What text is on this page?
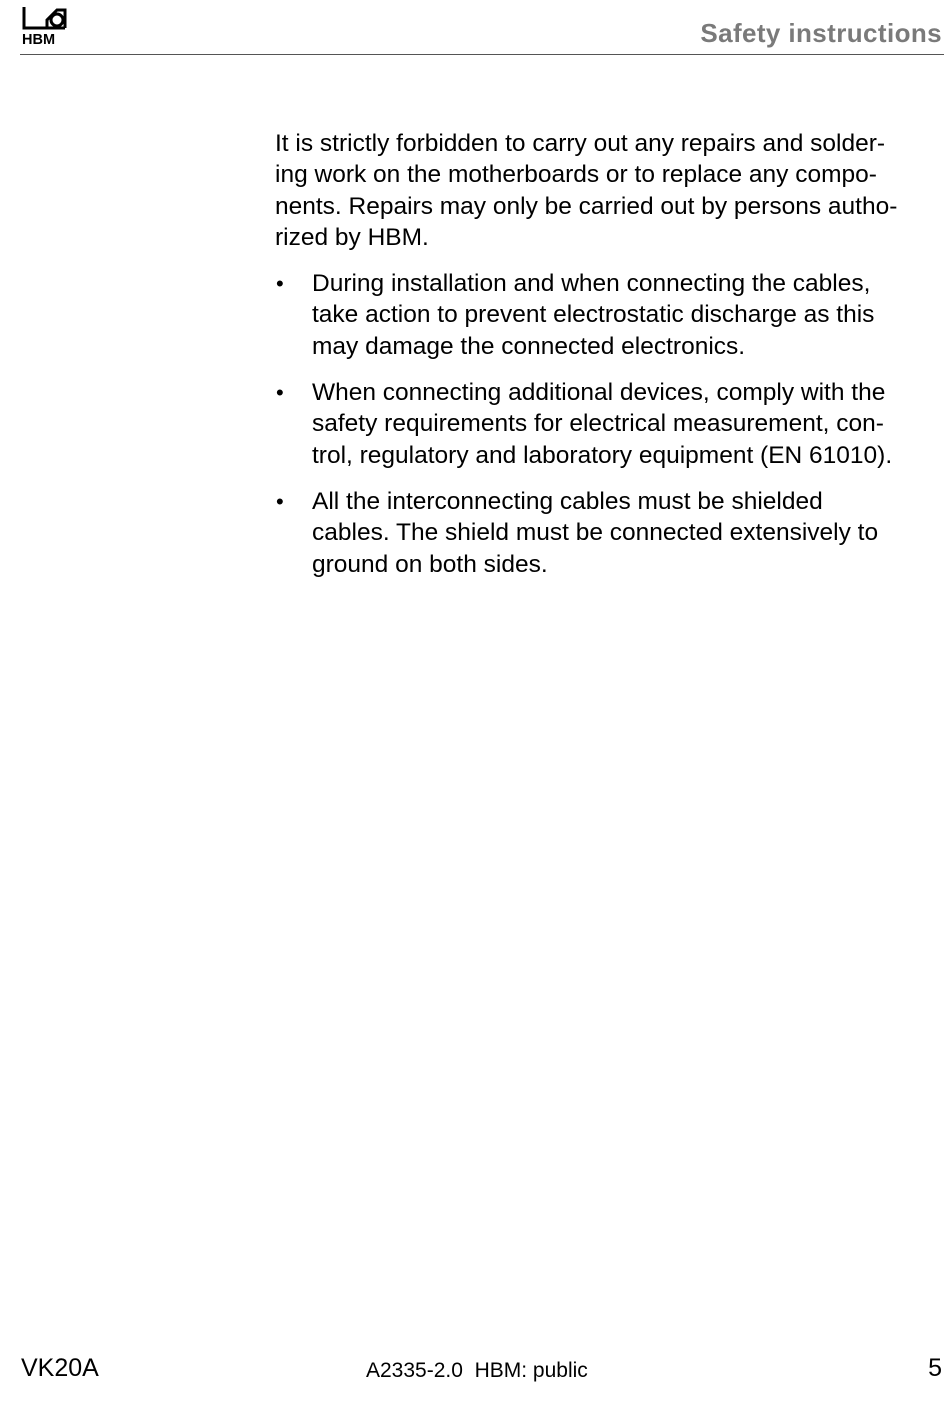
HBM	Safety instructions

It is strictly forbidden to carry out any repairs and solder-
ing work on the motherboards or to replace any compo-
nents. Repairs may only be carried out by persons autho-
rized by HBM.

• During installation and when connecting the cables,
take action to prevent electrostatic discharge as this
may damage the connected electronics.
• When connecting additional devices, comply with the
safety requirements for electrical measurement, con-
trol, regulatory and laboratory equipment (EN 61010).
• All the interconnecting cables must be shielded
cables. The shield must be connected extensively to
ground on both sides.
VK20A	A2335-2.0  HBM: public	5
